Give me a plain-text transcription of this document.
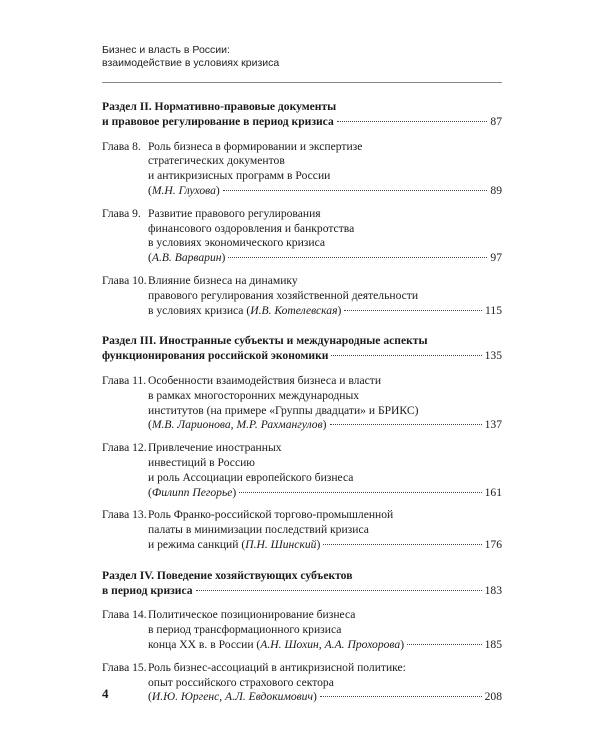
Бизнес и власть в России:
взаимодействие в условиях кризиса
Раздел II. Нормативно-правовые документы
и правовое регулирование в период кризиса	87
Глава 8. Роль бизнеса в формировании и экспертизе
стратегических документов
и антикризисных программ в России
(М.Н. Глухова)	89
Глава 9. Развитие правового регулирования
финансового оздоровления и банкротства
в условиях экономического кризиса
(А.В. Варварин)	97
Глава 10. Влияние бизнеса на динамику
правового регулирования хозяйственной деятельности
в условиях кризиса (И.В. Котелевская)	115
Раздел III. Иностранные субъекты и международные аспекты
функционирования российской экономики	135
Глава 11. Особенности взаимодействия бизнеса и власти
в рамках многосторонних международных
институтов (на примере «Группы двадцати» и БРИКС)
(М.В. Ларионова, М.Р. Рахмангулов)	137
Глава 12. Привлечение иностранных
инвестиций в Россию
и роль Ассоциации европейского бизнеса
(Филипп Пегорье)	161
Глава 13. Роль Франко-российской торгово-промышленной
палаты в минимизации последствий кризиса
и режима санкций (П.Н. Шинский)	176
Раздел IV. Поведение хозяйствующих субъектов
в период кризиса	183
Глава 14. Политическое позиционирование бизнеса
в период трансформационного кризиса
конца XX в. в России (А.Н. Шохин, А.А. Прохорова)	185
Глава 15. Роль бизнес-ассоциаций в антикризисной политике:
опыт российского страхового сектора
(И.Ю. Юргенс, А.Л. Евдокимович)	208
4
